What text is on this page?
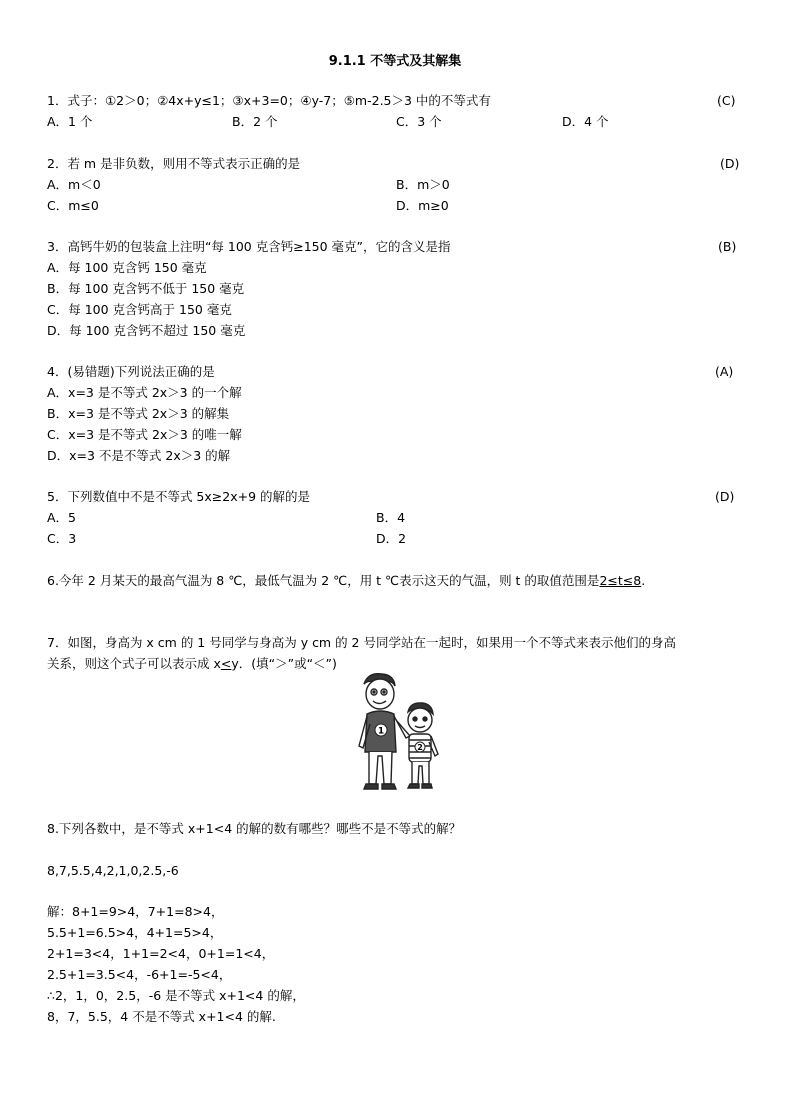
9.1.1 不等式及其解集
1．式子：①2＞0；②4x+y≤1；③x+3=0；④y-7；⑤m-2.5＞3 中的不等式有	(C)
A．1 个	B．2 个	C．3 个	D．4 个
2．若 m 是非负数，则用不等式表示正确的是	(D)
A．m＜0	B．m＞0
C．m≤0	D．m≥0
3．高钙牛奶的包装盒上注明“每 100 克含钙≥150 毫克”，它的含义是指	(B)
A．每 100 克含钙 150 毫克
B．每 100 克含钙不低于 150 毫克
C．每 100 克含钙高于 150 毫克
D．每 100 克含钙不超过 150 毫克
4．(易错题)下列说法正确的是	(A)
A．x=3 是不等式 2x＞3 的一个解
B．x=3 是不等式 2x＞3 的解集
C．x=3 是不等式 2x＞3 的唯一解
D．x=3 不是不等式 2x＞3 的解
5．下列数值中不是不等式 5x≥2x+9 的解的是	(D)
A．5	B．4
C．3	D．2
6.今年 2 月某天的最高气温为 8 ℃，最低气温为 2 ℃，用 t ℃表示这天的气温，则 t 的取值范围是2≤t≤8.
7．如图，身高为 x cm 的 1 号同学与身高为 y cm 的 2 号同学站在一起时，如果用一个不等式来表示他们的身高
关系，则这个式子可以表示成 x<y．(填“＞”或“＜”)
1
2
8.下列各数中，是不等式 x+1<4 的解的数有哪些？哪些不是不等式的解？
8,7,5.5,4,2,1,0,2.5,-6
解：8+1=9>4，7+1=8>4，
5.5+1=6.5>4，4+1=5>4，
2+1=3<4，1+1=2<4，0+1=1<4，
2.5+1=3.5<4，-6+1=-5<4，
∴2，1，0，2.5，-6 是不等式 x+1<4 的解，
8，7，5.5，4 不是不等式 x+1<4 的解.
